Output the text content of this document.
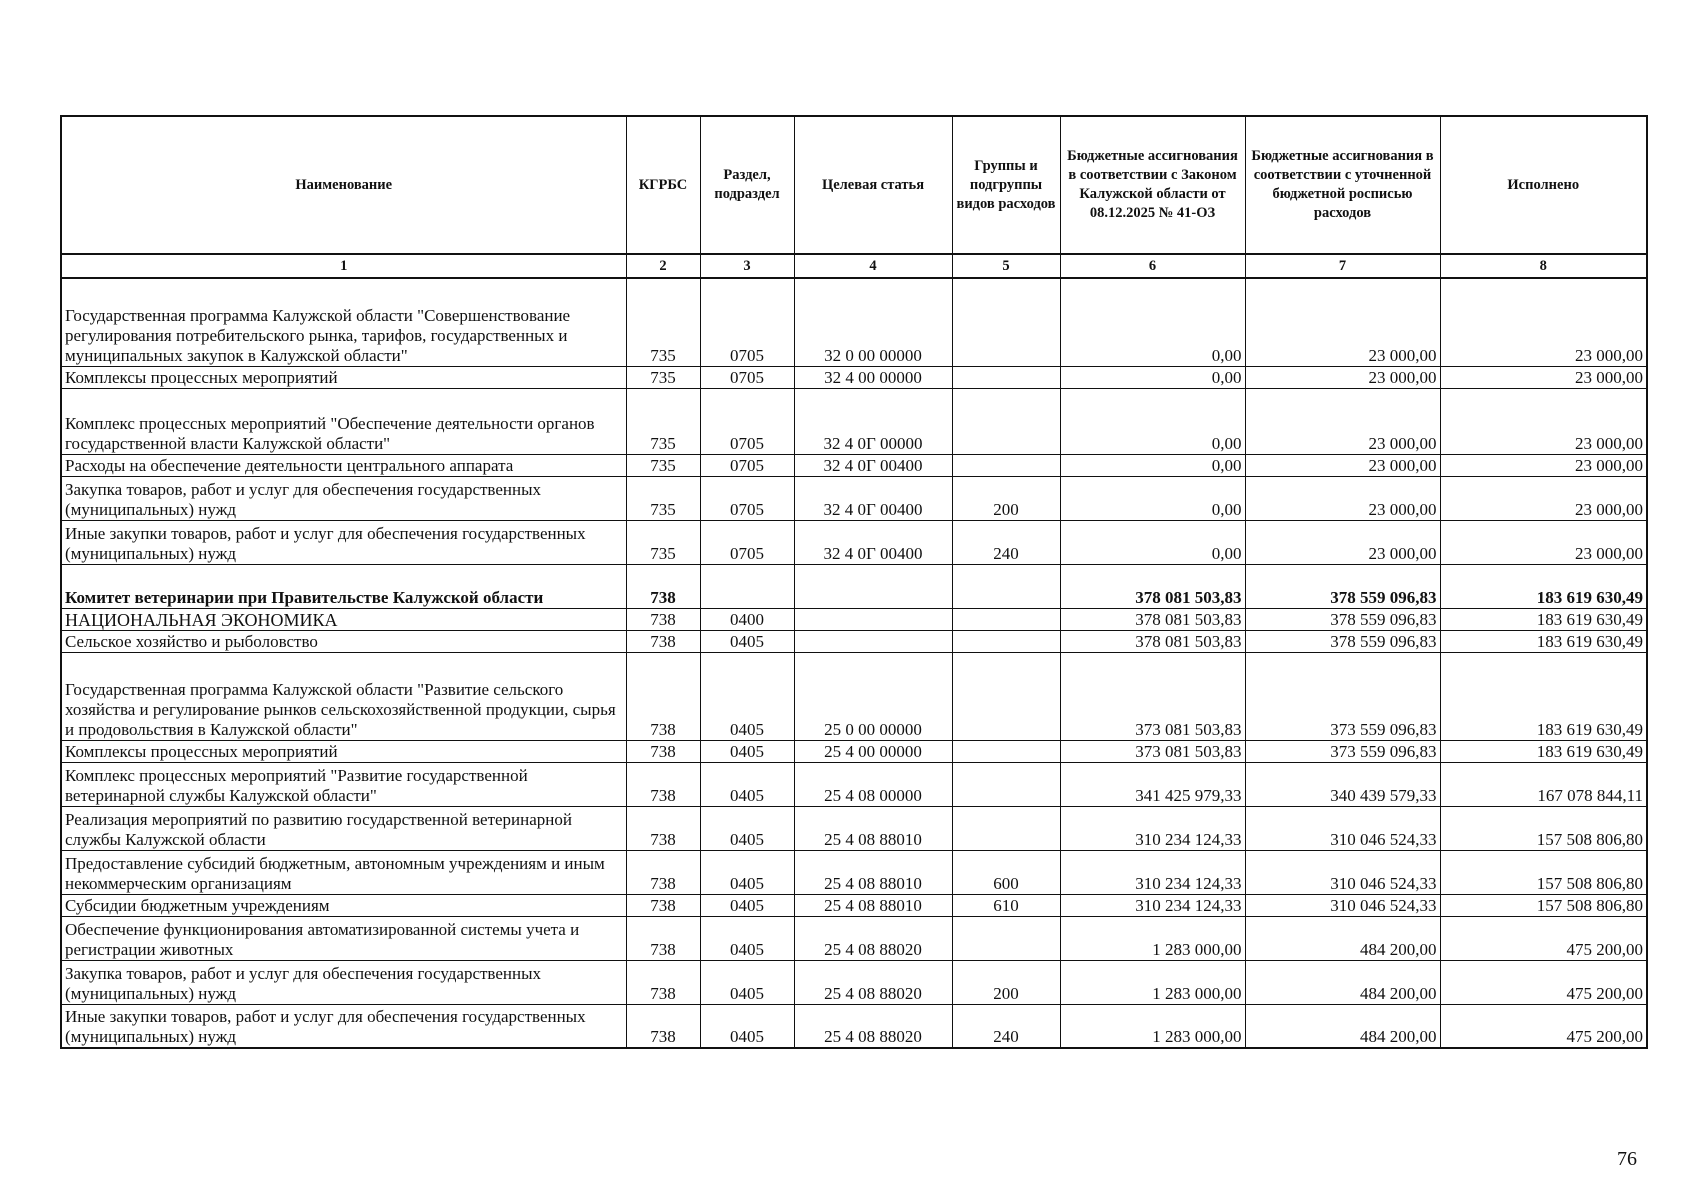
Наименование	КГРБС	Раздел, подраздел	Целевая статья	Группы и подгруппы видов расходов	Бюджетные ассигнования в соответствии с Законом Калужской области от 08.12.2025 № 41-ОЗ	Бюджетные ассигнования в соответствии с уточненной бюджетной росписью расходов	Исполнено
1	2	3	4	5	6	7	8
Государственная программа Калужской области "Совершенствование регулирования потребительского рынка, тарифов, государственных и муниципальных закупок в Калужской области"	735	0705	32 0 00 00000		0,00	23 000,00	23 000,00
Комплексы процессных мероприятий	735	0705	32 4 00 00000		0,00	23 000,00	23 000,00
Комплекс процессных мероприятий "Обеспечение деятельности органов государственной власти Калужской области"	735	0705	32 4 0Г 00000		0,00	23 000,00	23 000,00
Расходы на обеспечение деятельности центрального аппарата	735	0705	32 4 0Г 00400		0,00	23 000,00	23 000,00
Закупка товаров, работ и услуг для обеспечения государственных (муниципальных) нужд	735	0705	32 4 0Г 00400	200	0,00	23 000,00	23 000,00
Иные закупки товаров, работ и услуг для обеспечения государственных (муниципальных) нужд	735	0705	32 4 0Г 00400	240	0,00	23 000,00	23 000,00
Комитет ветеринарии при Правительстве Калужской области	738				378 081 503,83	378 559 096,83	183 619 630,49
НАЦИОНАЛЬНАЯ ЭКОНОМИКА	738	0400			378 081 503,83	378 559 096,83	183 619 630,49
Сельское хозяйство и рыболовство	738	0405			378 081 503,83	378 559 096,83	183 619 630,49
Государственная программа Калужской области "Развитие сельского хозяйства и регулирование рынков сельскохозяйственной продукции, сырья и продовольствия в Калужской области"	738	0405	25 0 00 00000		373 081 503,83	373 559 096,83	183 619 630,49
Комплексы процессных мероприятий	738	0405	25 4 00 00000		373 081 503,83	373 559 096,83	183 619 630,49
Комплекс процессных мероприятий "Развитие государственной ветеринарной службы Калужской области"	738	0405	25 4 08 00000		341 425 979,33	340 439 579,33	167 078 844,11
Реализация мероприятий по развитию государственной ветеринарной службы Калужской области	738	0405	25 4 08 88010		310 234 124,33	310 046 524,33	157 508 806,80
Предоставление субсидий бюджетным, автономным учреждениям и иным некоммерческим организациям	738	0405	25 4 08 88010	600	310 234 124,33	310 046 524,33	157 508 806,80
Субсидии бюджетным учреждениям	738	0405	25 4 08 88010	610	310 234 124,33	310 046 524,33	157 508 806,80
Обеспечение функционирования автоматизированной системы учета и регистрации животных	738	0405	25 4 08 88020		1 283 000,00	484 200,00	475 200,00
Закупка товаров, работ и услуг для обеспечения государственных (муниципальных) нужд	738	0405	25 4 08 88020	200	1 283 000,00	484 200,00	475 200,00
Иные закупки товаров, работ и услуг для обеспечения государственных (муниципальных) нужд	738	0405	25 4 08 88020	240	1 283 000,00	484 200,00	475 200,00
76
